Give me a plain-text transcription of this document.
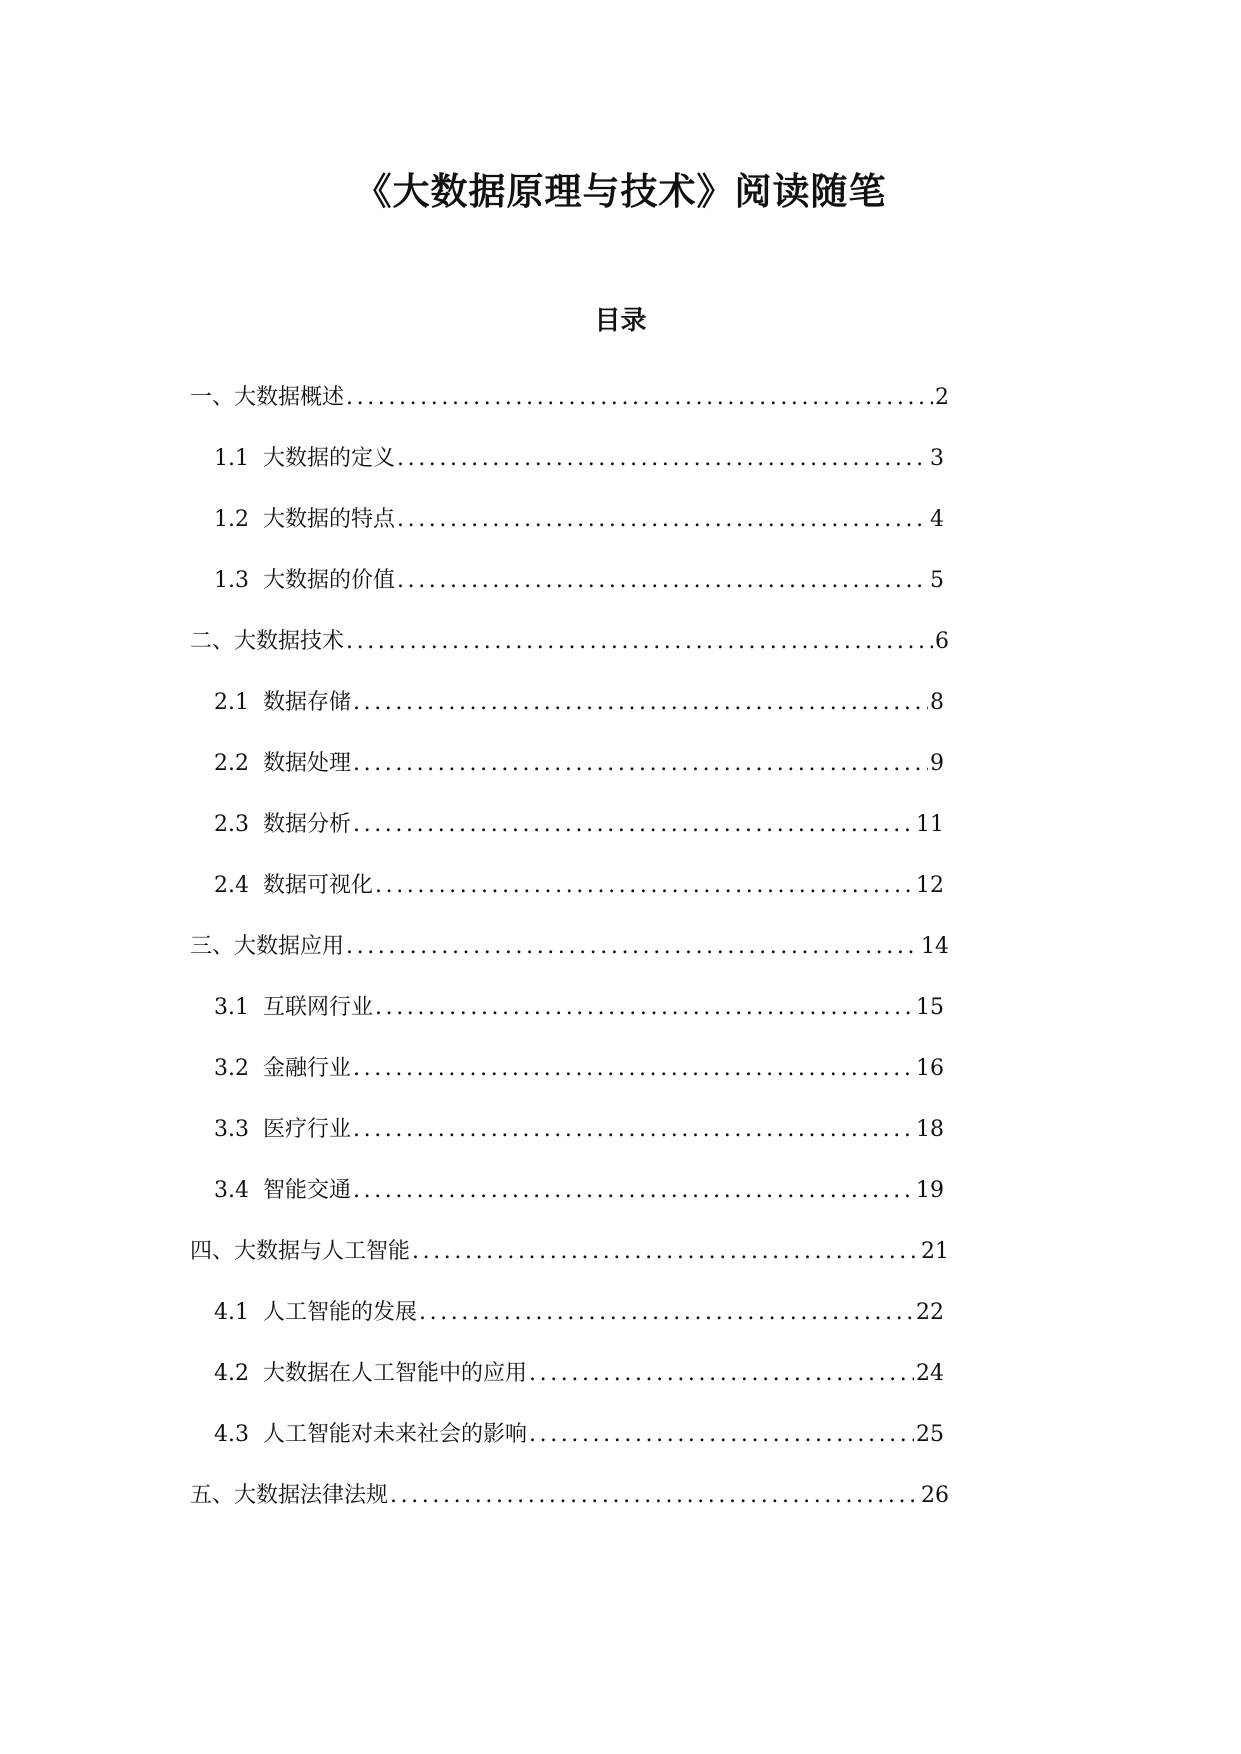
《大数据原理与技术》阅读随笔
目录
一、大数据概述 .....	2
1.1 大数据的定义 .....	3
1.2 大数据的特点 .....	4
1.3 大数据的价值 .....	5
二、大数据技术 .....	6
2.1 数据存储 .....	8
2.2 数据处理 .....	9
2.3 数据分析 .....	11
2.4 数据可视化 .....	12
三、大数据应用 .....	14
3.1 互联网行业 .....	15
3.2 金融行业 .....	16
3.3 医疗行业 .....	18
3.4 智能交通 .....	19
四、大数据与人工智能 .....	21
4.1 人工智能的发展 .....	22
4.2 大数据在人工智能中的应用 .....	24
4.3 人工智能对未来社会的影响 .....	25
五、大数据法律法规 .....	26
